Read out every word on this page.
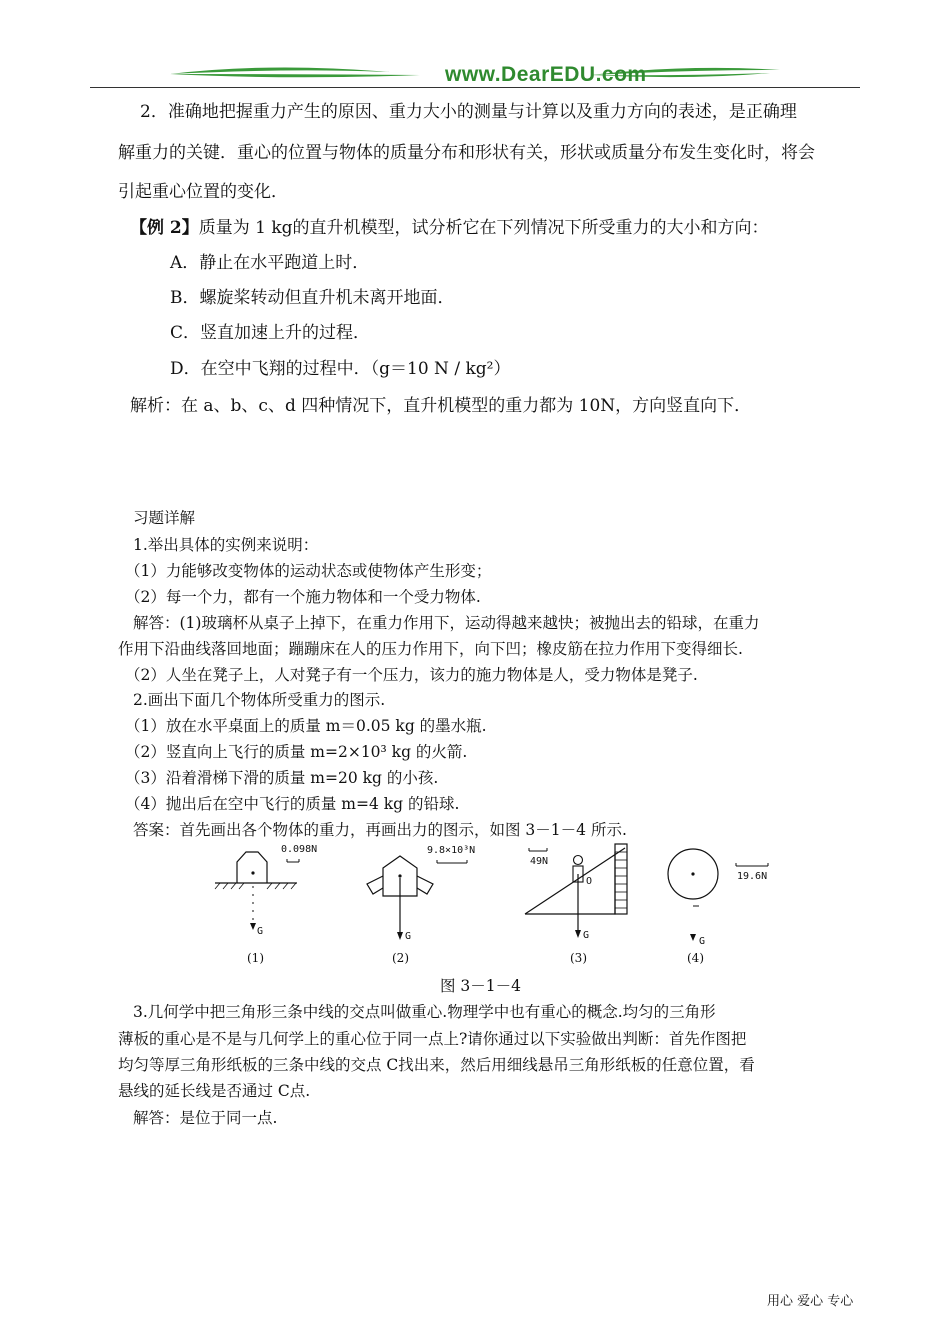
www.DearEDU.com
2．准确地把握重力产生的原因、重力大小的测量与计算以及重力方向的表述，是正确理
解重力的关键．重心的位置与物体的质量分布和形状有关，形状或质量分布发生变化时，将会
引起重心位置的变化．
【例 2】质量为 1 kg的直升机模型，试分析它在下列情况下所受重力的大小和方向：
A．静止在水平跑道上时．
B．螺旋桨转动但直升机未离开地面．
C．竖直加速上升的过程．
D．在空中飞翔的过程中．（g＝10 N / kg²）
解析：在 a、b、c、d 四种情况下，直升机模型的重力都为 10N，方向竖直向下．
习题详解
1.举出具体的实例来说明：
（1）力能够改变物体的运动状态或使物体产生形变；
（2）每一个力，都有一个施力物体和一个受力物体.
解答：(1)玻璃杯从桌子上掉下，在重力作用下，运动得越来越快；被抛出去的铅球，在重力
作用下沿曲线落回地面；蹦蹦床在人的压力作用下，向下凹；橡皮筋在拉力作用下变得细长.
（2）人坐在凳子上，人对凳子有一个压力，该力的施力物体是人，受力物体是凳子.
2.画出下面几个物体所受重力的图示.
（1）放在水平桌面上的质量 m＝0.05 kg 的墨水瓶.
（2）竖直向上飞行的质量 m=2×10³ kg 的火箭.
（3）沿着滑梯下滑的质量 m=20 kg 的小孩.
（4）抛出后在空中飞行的质量 m=4 kg 的铅球.
答案：首先画出各个物体的重力，再画出力的图示，如图 3－1－4 所示.
G
0.098N
G
9.8×10³N
49N
O
G
G
19.6N
(1)	(2)	(3)	(4)
图 3－1－4
3.几何学中把三角形三条中线的交点叫做重心.物理学中也有重心的概念.均匀的三角形
薄板的重心是不是与几何学上的重心位于同一点上?请你通过以下实验做出判断：首先作图把
均匀等厚三角形纸板的三条中线的交点 C找出来，然后用细线悬吊三角形纸板的任意位置，看
悬线的延长线是否通过 C点.
解答：是位于同一点.
用心 爱心 专心
